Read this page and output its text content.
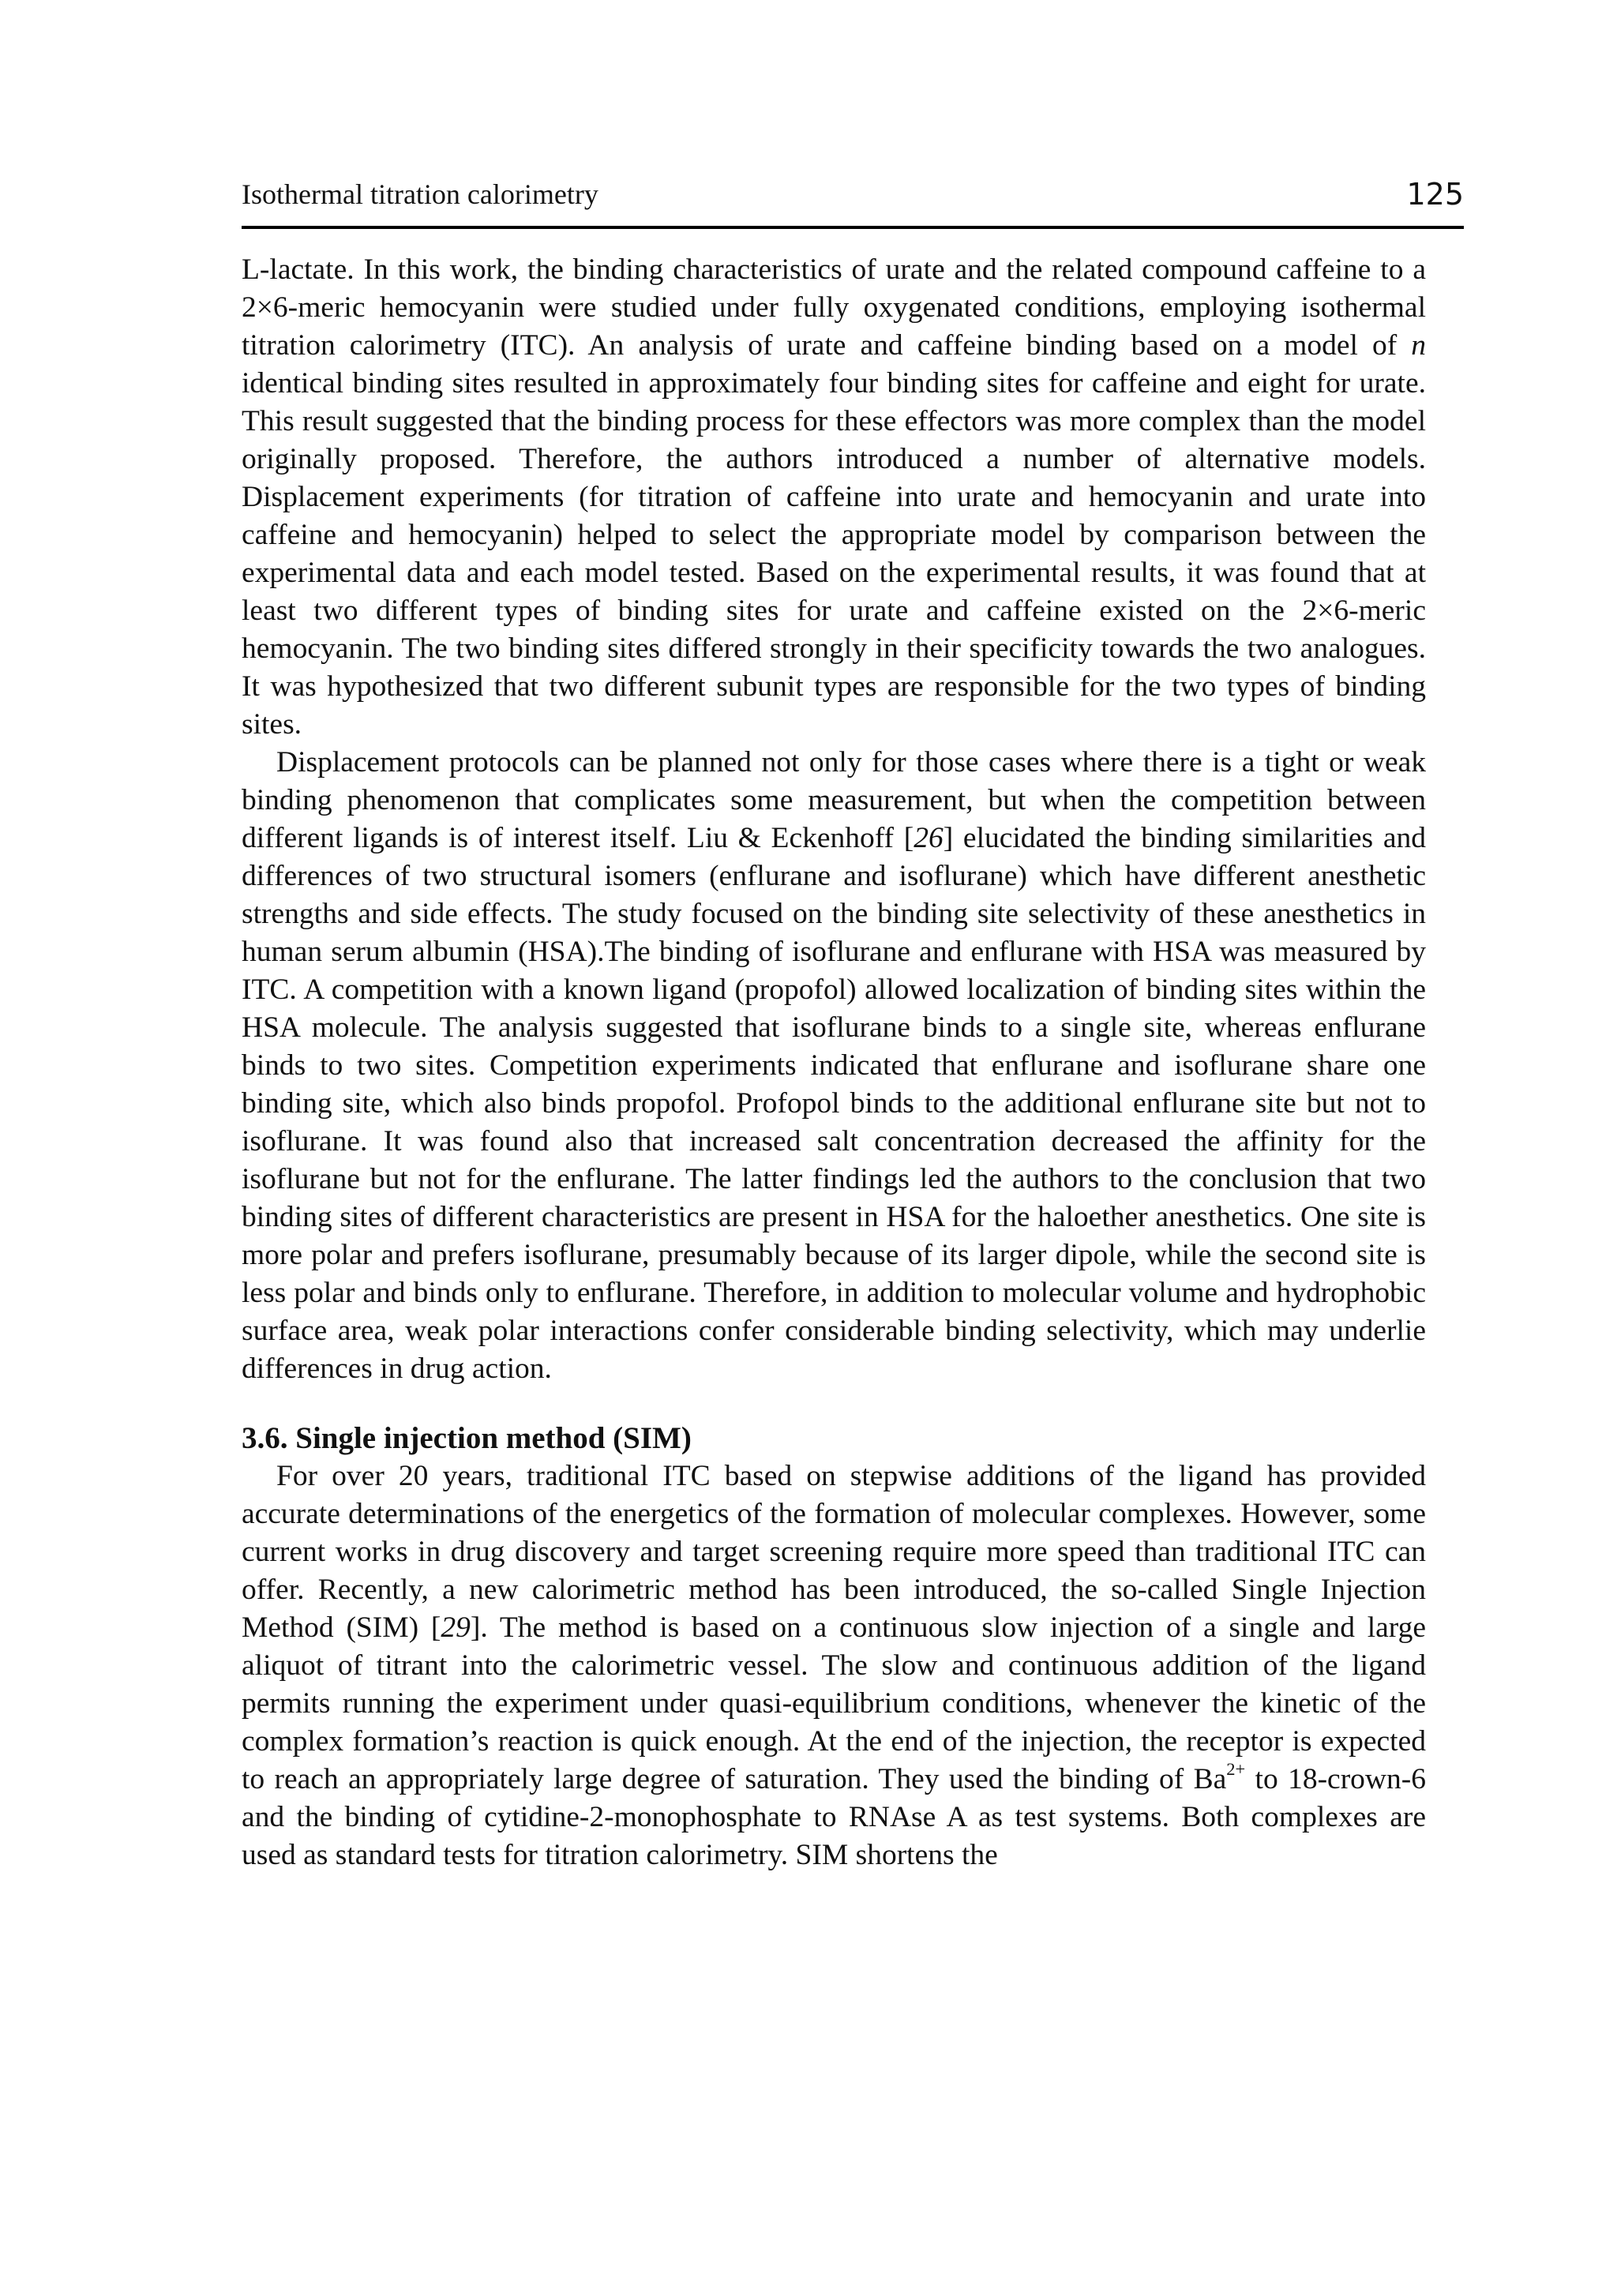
Isothermal titration calorimetry	125

L-lactate. In this work, the binding characteristics of urate and the related compound caffeine to a 2×6-meric hemocyanin were studied under fully oxygenated conditions, employing isothermal titration calorimetry (ITC). An analysis of urate and caffeine binding based on a model of n identical binding sites resulted in approximately four binding sites for caffeine and eight for urate. This result suggested that the binding process for these effectors was more complex than the model originally proposed. Therefore, the authors introduced a number of alternative models. Displacement experiments (for titration of caffeine into urate and hemocyanin and urate into caffeine and hemocyanin) helped to select the appropriate model by comparison between the experimental data and each model tested. Based on the experimental results, it was found that at least two different types of binding sites for urate and caffeine existed on the 2×6-meric hemocyanin. The two binding sites differed strongly in their specificity towards the two analogues. It was hypothesized that two different subunit types are responsible for the two types of binding sites.

Displacement protocols can be planned not only for those cases where there is a tight or weak binding phenomenon that complicates some measurement, but when the competition between different ligands is of interest itself. Liu & Eckenhoff [26] elucidated the binding similarities and differences of two structural isomers (enflurane and isoflurane) which have different anesthetic strengths and side effects. The study focused on the binding site selectivity of these anesthetics in human serum albumin (HSA).The binding of isoflurane and enflurane with HSA was measured by ITC. A competition with a known ligand (propofol) allowed localization of binding sites within the HSA molecule. The analysis suggested that isoflurane binds to a single site, whereas enflurane binds to two sites. Competition experiments indicated that enflurane and isoflurane share one binding site, which also binds propofol. Profopol binds to the additional enflurane site but not to isoflurane. It was found also that increased salt concentration decreased the affinity for the isoflurane but not for the enflurane. The latter findings led the authors to the conclusion that two binding sites of different characteristics are present in HSA for the haloether anesthetics. One site is more polar and prefers isoflurane, presumably because of its larger dipole, while the second site is less polar and binds only to enflurane. Therefore, in addition to molecular volume and hydrophobic surface area, weak polar interactions confer considerable binding selectivity, which may underlie differences in drug action.

3.6. Single injection method (SIM)

For over 20 years, traditional ITC based on stepwise additions of the ligand has provided accurate determinations of the energetics of the formation of molecular complexes. However, some current works in drug discovery and target screening require more speed than traditional ITC can offer. Recently, a new calorimetric method has been introduced, the so-called Single Injection Method (SIM) [29]. The method is based on a continuous slow injection of a single and large aliquot of titrant into the calorimetric vessel. The slow and continuous addition of the ligand permits running the experiment under quasi-equilibrium conditions, whenever the kinetic of the complex formation’s reaction is quick enough. At the end of the injection, the receptor is expected to reach an appropriately large degree of saturation. They used the binding of $Ba^{2+}$ to 18-crown-6 and the binding of cytidine-2-monophosphate to RNAse A as test systems. Both complexes are used as standard tests for titration calorimetry. SIM shortens the
